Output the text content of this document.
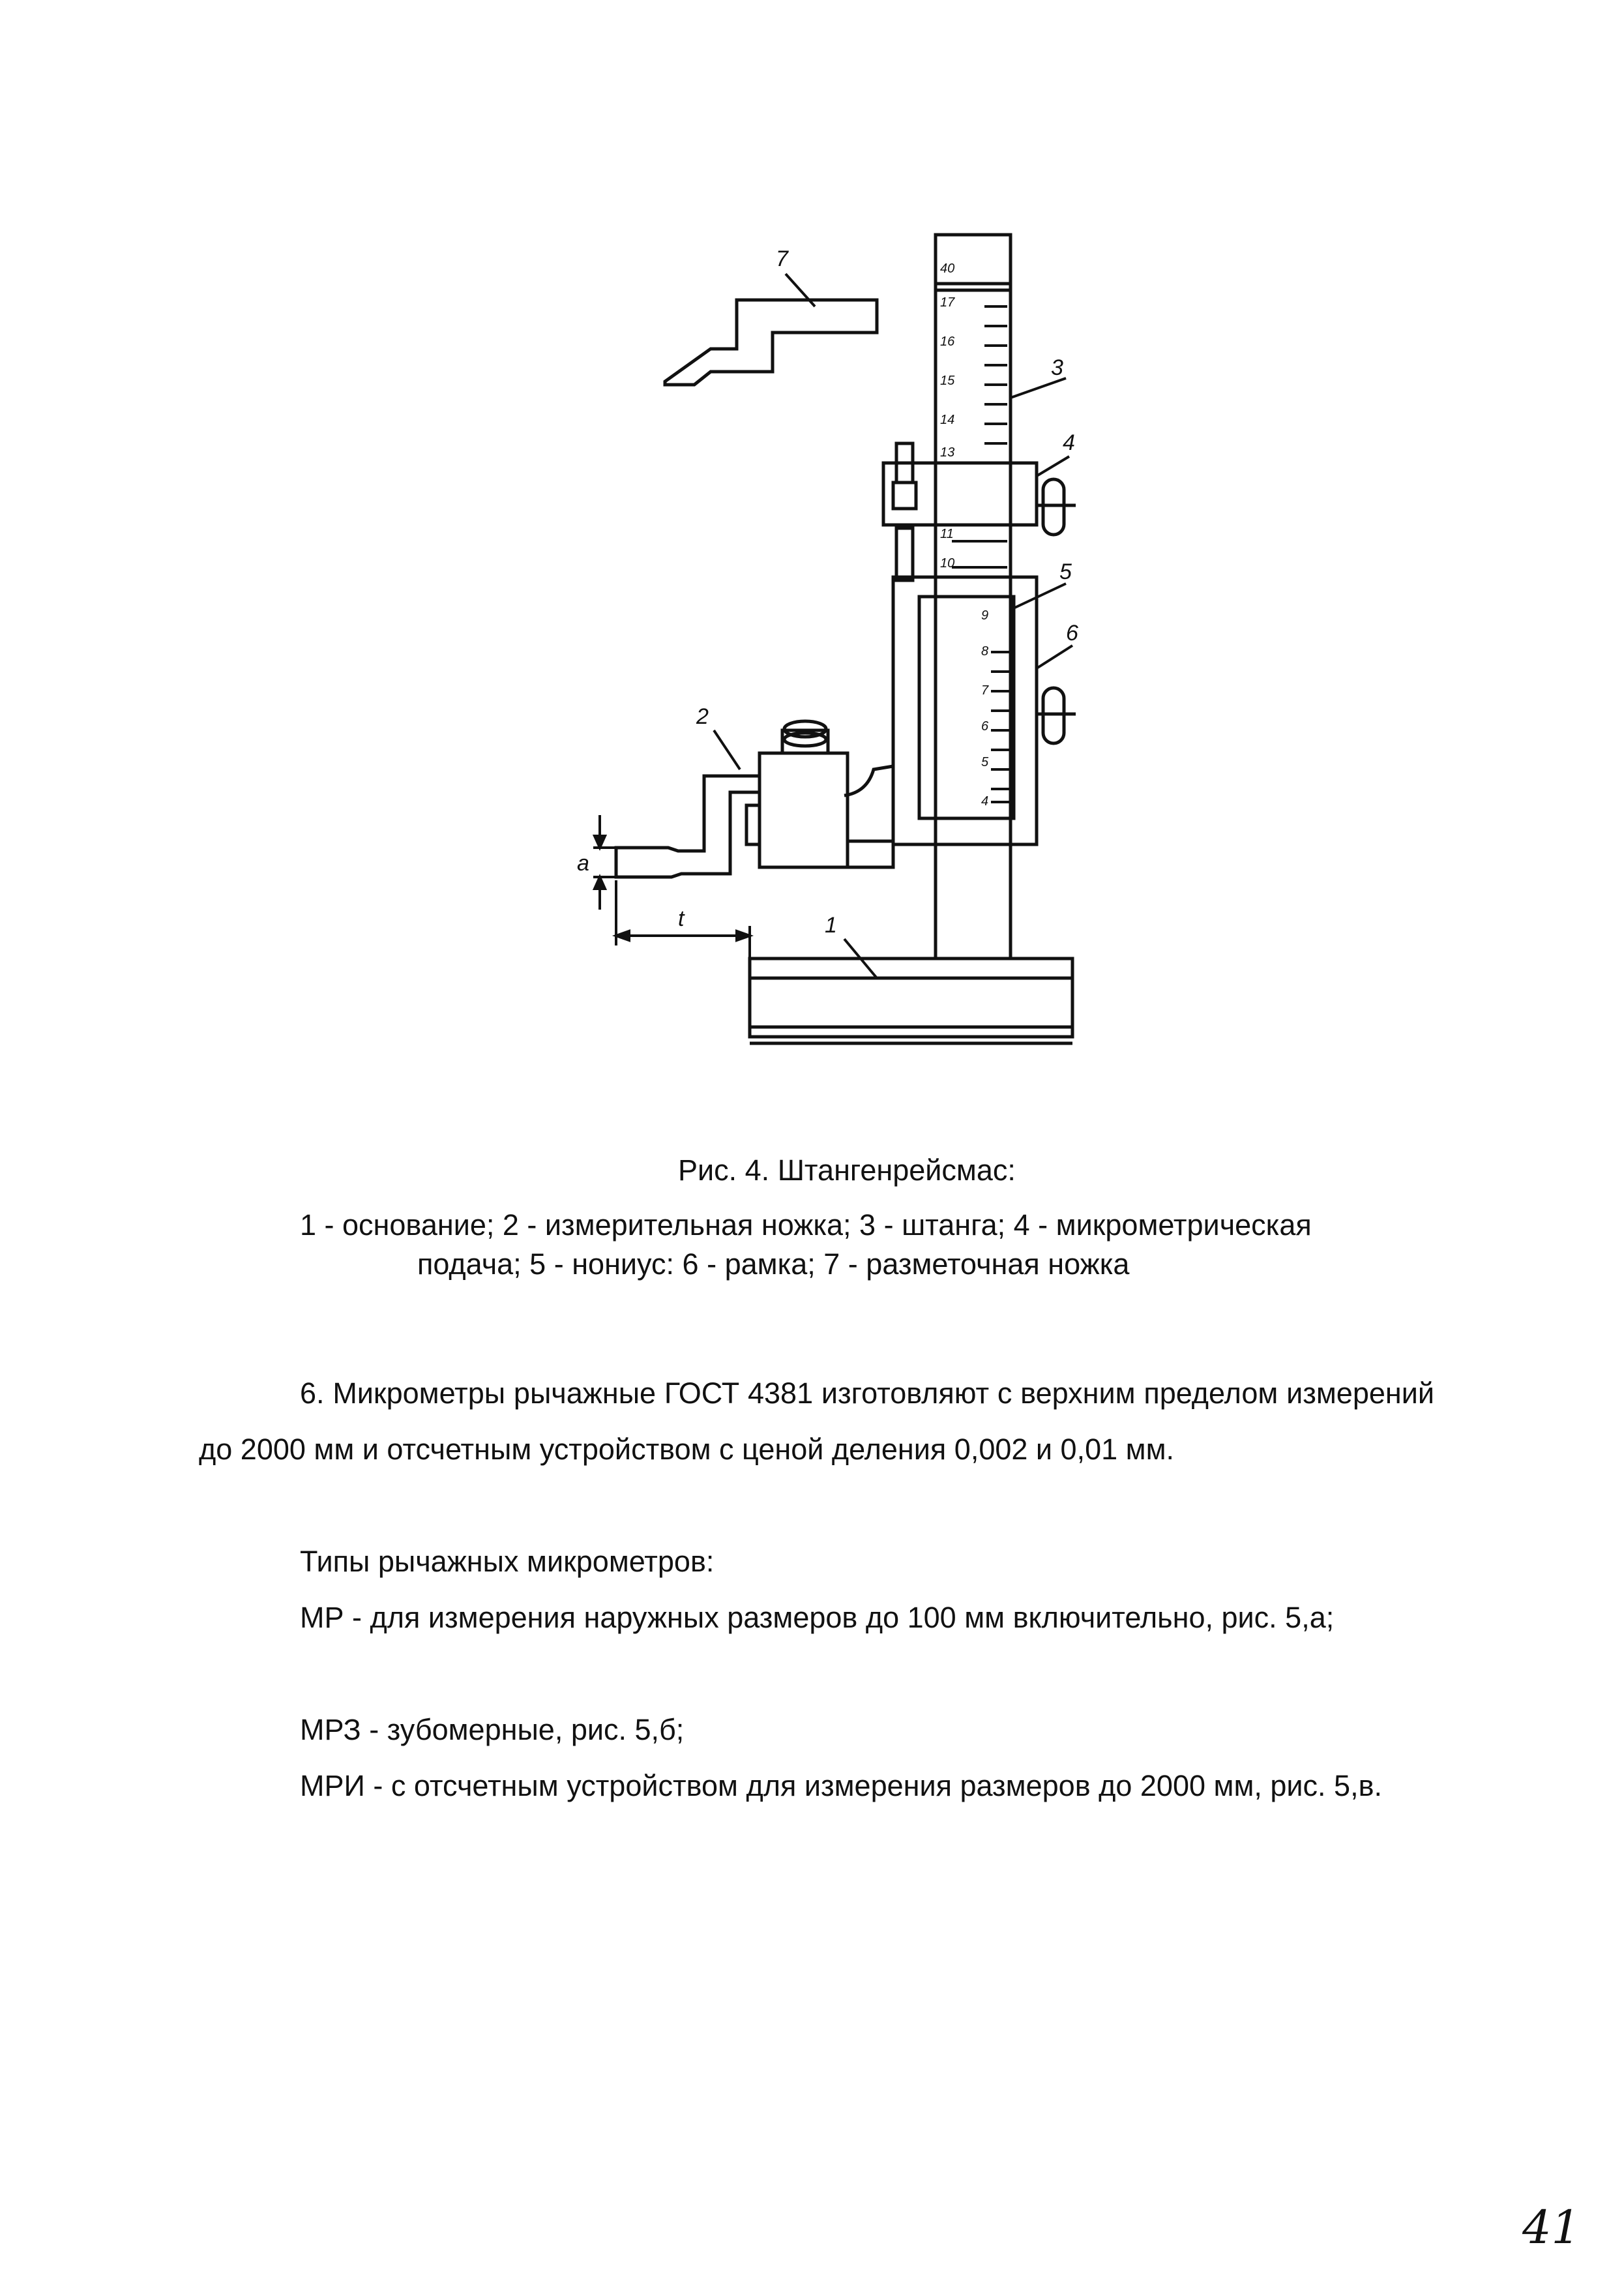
7
3
4
5
6
2
1
a
t
40
17
16
15
14
13
11
10
9
8
7
6
5
4
Рис. 4. Штангенрейсмас:
1 - основание; 2 - измерительная ножка; 3 - штанга; 4 - микрометрическая
подача; 5 - нониус: 6 - рамка; 7 - разметочная ножка
6. Микрометры рычажные ГОСТ 4381 изготовляют с верхним пределом измерений до 2000 мм и отсчетным устройством с ценой деления 0,002 и 0,01 мм.
Типы рычажных микрометров:
МР - для измерения наружных размеров до 100 мм включительно, рис. 5,а;
МРЗ - зубомерные, рис. 5,б;
МРИ - с отсчетным устройством для измерения размеров до 2000 мм, рис. 5,в.
41
